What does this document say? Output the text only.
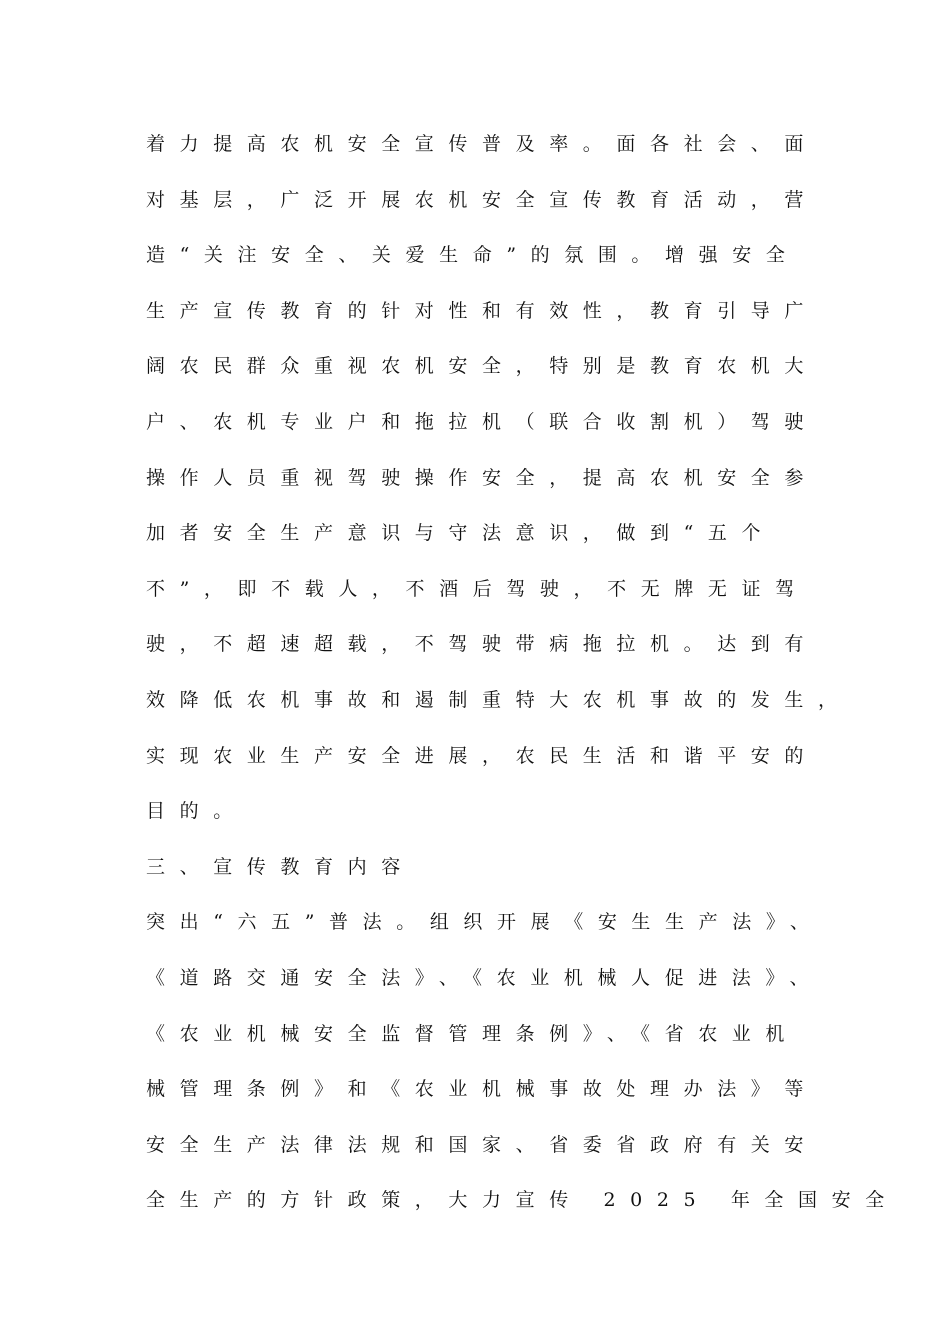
着力提高农机安全宣传普及率。面各社会、面
对基层，广泛开展农机安全宣传教育活动，营
造“关注安全、关爱生命”的氛围。增强安全
生产宣传教育的针对性和有效性，教育引导广
阔农民群众重视农机安全，特别是教育农机大
户、农机专业户和拖拉机（联合收割机）驾驶
操作人员重视驾驶操作安全，提高农机安全参
加者安全生产意识与守法意识，做到“五个
不”，即不载人，不酒后驾驶，不无牌无证驾
驶，不超速超载，不驾驶带病拖拉机。达到有
效降低农机事故和遏制重特大农机事故的发生，
实现农业生产安全进展，农民生活和谐平安的
目的。
三、宣传教育内容
突出“六五”普法。组织开展《安生生产法》、
《道路交通安全法》、《农业机械人促进法》、
《农业机械安全监督管理条例》、《省农业机
械管理条例》和《农业机械事故处理办法》等
安全生产法律法规和国家、省委省政府有关安
全生产的方针政策，大力宣传 2025 年全国安全
